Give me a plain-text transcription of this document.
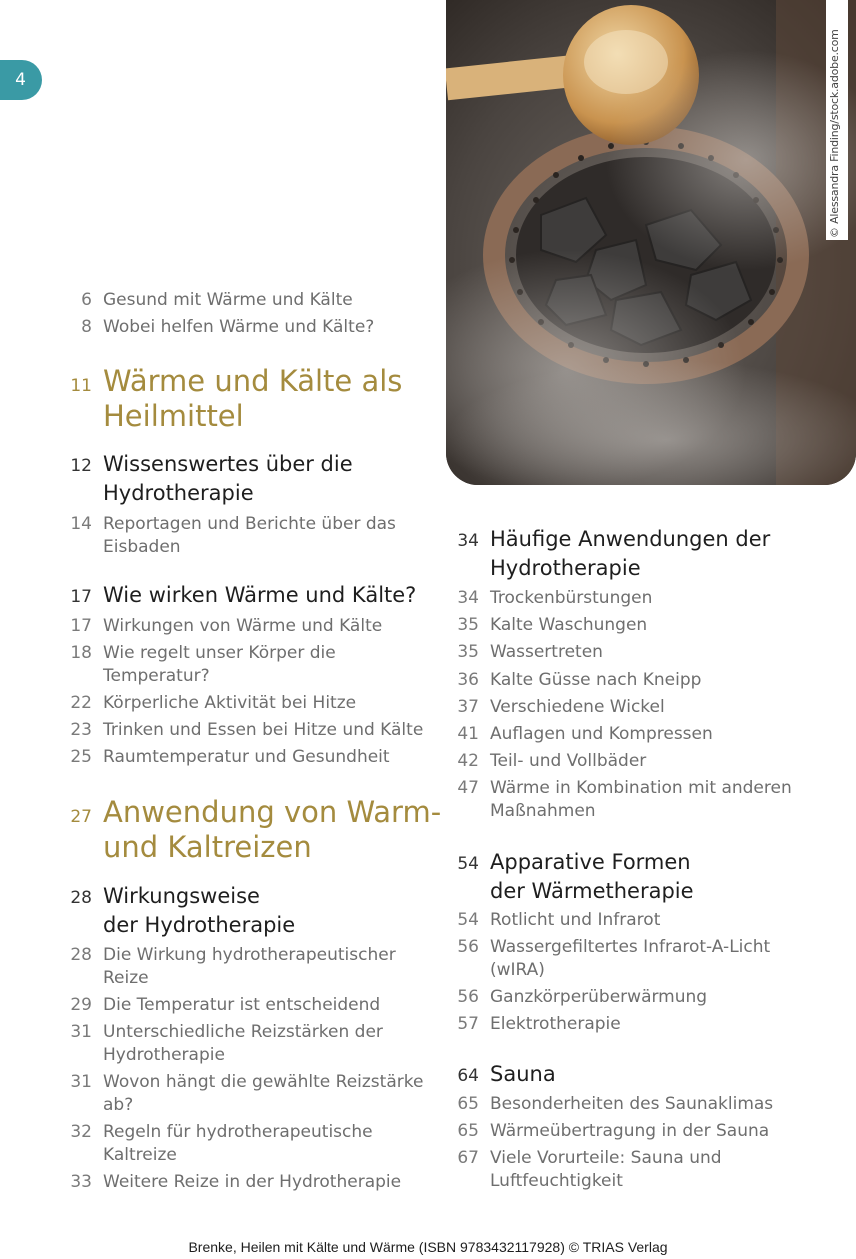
4	© Alessandra Finding/stock.adobe.com
6 Gesund mit Wärme und Kälte
8 Wobei helfen Wärme und Kälte?
11 Wärme und Kälte als
Heilmittel
12 Wissenswertes über die
Hydrotherapie
14 Reportagen und Berichte über das
Eisbaden
17 Wie wirken Wärme und Kälte?
17 Wirkungen von Wärme und Kälte
18 Wie regelt unser Körper die
Temperatur?
22 Körperliche Aktivität bei Hitze
23 Trinken und Essen bei Hitze und Kälte
25 Raumtemperatur und Gesundheit
27 Anwendung von Warm-
und Kaltreizen
28 Wirkungsweise
der Hydrotherapie
28 Die Wirkung hydrotherapeutischer
Reize
29 Die Temperatur ist entscheidend
31 Unterschiedliche Reizstärken der
Hydrotherapie
31 Wovon hängt die gewählte Reizstärke
ab?
32 Regeln für hydrotherapeutische
Kaltreize
33 Weitere Reize in der Hydrotherapie
34 Häufige Anwendungen der
Hydrotherapie
34 Trockenbürstungen
35 Kalte Waschungen
35 Wassertreten
36 Kalte Güsse nach Kneipp
37 Verschiedene Wickel
41 Auflagen und Kompressen
42 Teil- und Vollbäder
47 Wärme in Kombination mit anderen
Maßnahmen
54 Apparative Formen
der Wärmetherapie
54 Rotlicht und Infrarot
56 Wassergefiltertes Infrarot-A-Licht
(wIRA)
56 Ganzkörperüberwärmung
57 Elektrotherapie
64 Sauna
65 Besonderheiten des Saunaklimas
65 Wärmeübertragung in der Sauna
67 Viele Vorurteile: Sauna und
Luftfeuchtigkeit
Brenke, Heilen mit Kälte und Wärme (ISBN 9783432117928) © TRIAS Verlag
